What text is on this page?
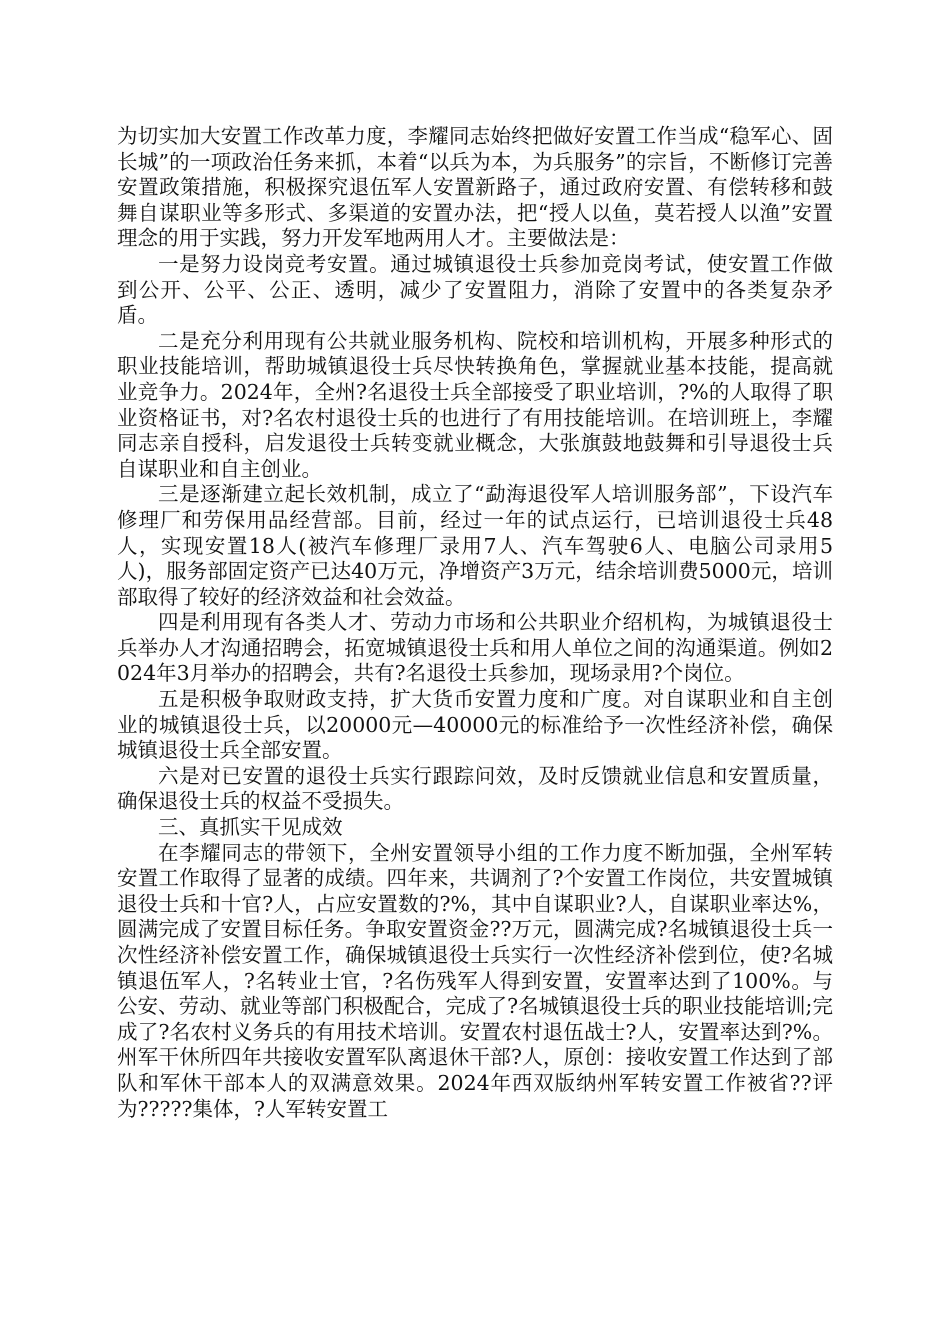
为切实加大安置工作改革力度，李耀同志始终把做好安置工作当成“稳军心、固长城”的一项政治任务来抓，本着“以兵为本，为兵服务”的宗旨，不断修订完善安置政策措施，积极探究退伍军人安置新路子，通过政府安置、有偿转移和鼓舞自谋职业等多形式、多渠道的安置办法，把“授人以鱼，莫若授人以渔”安置理念的用于实践，努力开发军地两用人才。主要做法是：

一是努力设岗竞考安置。通过城镇退役士兵参加竞岗考试，使安置工作做到公开、公平、公正、透明，减少了安置阻力，消除了安置中的各类复杂矛盾。

二是充分利用现有公共就业服务机构、院校和培训机构，开展多种形式的职业技能培训，帮助城镇退役士兵尽快转换角色，掌握就业基本技能，提高就业竞争力。2024年，全州?名退役士兵全部接受了职业培训，?%的人取得了职业资格证书，对?名农村退役士兵的也进行了有用技能培训。在培训班上，李耀同志亲自授科，启发退役士兵转变就业概念，大张旗鼓地鼓舞和引导退役士兵自谋职业和自主创业。

三是逐渐建立起长效机制，成立了“勐海退役军人培训服务部”，下设汽车修理厂和劳保用品经营部。目前，经过一年的试点运行，已培训退役士兵48人，实现安置18人(被汽车修理厂录用7人、汽车驾驶6人、电脑公司录用5人)，服务部固定资产已达40万元，净增资产3万元，结余培训费5000元，培训部取得了较好的经济效益和社会效益。

四是利用现有各类人才、劳动力市场和公共职业介绍机构，为城镇退役士兵举办人才沟通招聘会，拓宽城镇退役士兵和用人单位之间的沟通渠道。例如2024年3月举办的招聘会，共有?名退役士兵参加，现场录用?个岗位。

五是积极争取财政支持，扩大货币安置力度和广度。对自谋职业和自主创业的城镇退役士兵，以20000元—40000元的标准给予一次性经济补偿，确保城镇退役士兵全部安置。

六是对已安置的退役士兵实行跟踪问效，及时反馈就业信息和安置质量，确保退役士兵的权益不受损失。

三、真抓实干见成效

在李耀同志的带领下，全州安置领导小组的工作力度不断加强，全州军转安置工作取得了显著的成绩。四年来，共调剂了?个安置工作岗位，共安置城镇退役士兵和十官?人，占应安置数的?%，其中自谋职业?人，自谋职业率达%，圆满完成了安置目标任务。争取安置资金??万元，圆满完成?名城镇退役士兵一次性经济补偿安置工作，确保城镇退役士兵实行一次性经济补偿到位，使?名城镇退伍军人，?名转业士官，?名伤残军人得到安置，安置率达到了100%。与公安、劳动、就业等部门积极配合，完成了?名城镇退役士兵的职业技能培训;完成了?名农村义务兵的有用技术培训。安置农村退伍战士?人，安置率达到?%。州军干休所四年共接收安置军队离退休干部?人，原创：接收安置工作达到了部队和军休干部本人的双满意效果。2024年西双版纳州军转安置工作被省??评为?????集体，?人军转安置工
